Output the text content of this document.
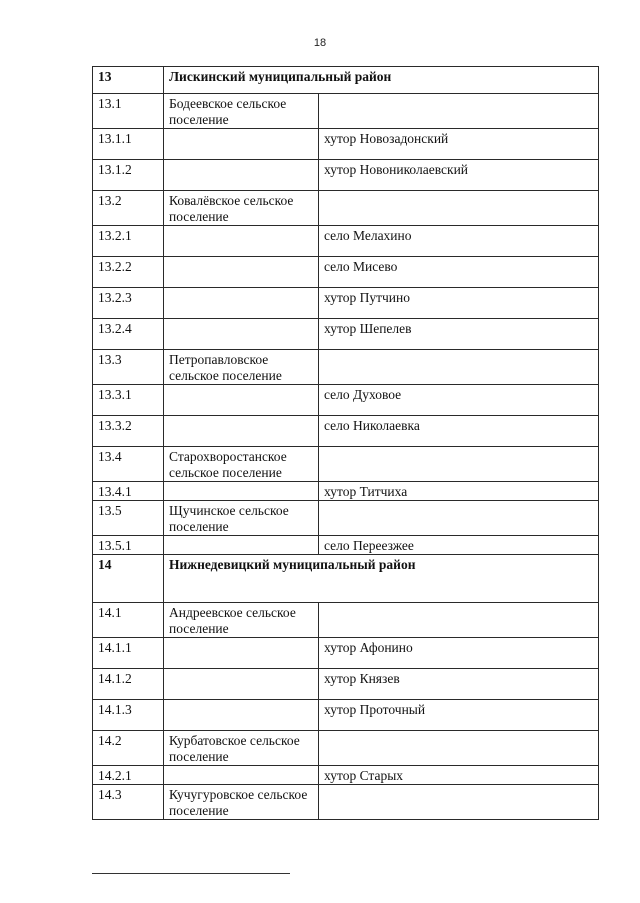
18
13	Лискинский муниципальный район	
13.1	Бодеевское сельское поселение	
13.1.1		хутор Новозадонский
13.1.2		хутор Новониколаевский
13.2	Ковалёвское сельское поселение	
13.2.1		село Мелахино
13.2.2		село Мисево
13.2.3		хутор Путчино
13.2.4		хутор Шепелев
13.3	Петропавловское сельское поселение	
13.3.1		село Духовое
13.3.2		село Николаевка
13.4	Старохворостанское сельское поселение	
13.4.1		хутор Титчиха
13.5	Щучинское сельское поселение	
13.5.1		село Переезжее
14	Нижнедевицкий муниципальный район	
14.1	Андреевское сельское поселение	
14.1.1		хутор Афонино
14.1.2		хутор Князев
14.1.3		хутор Проточный
14.2	Курбатовское сельское поселение	
14.2.1		хутор Старых
14.3	Кучугуровское сельское поселение	
